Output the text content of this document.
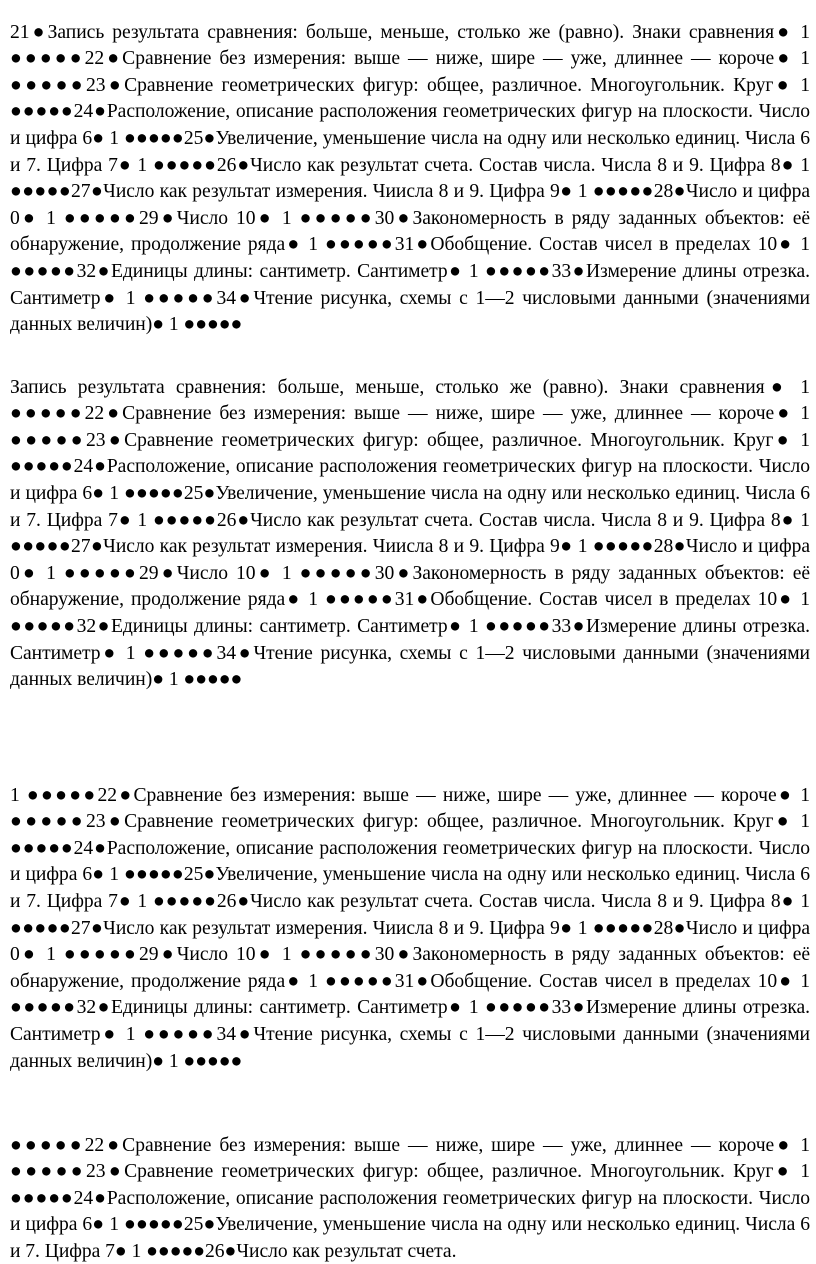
21●Запись результата сравнения: больше, меньше, столько же (равно). Знаки сравнения● 1 ●●●●●22●Сравнение без измерения: выше — ниже, шире — уже, длиннее — короче● 1 ●●●●●23●Сравнение геометрических фигур: общее, различное. Многоугольник. Круг● 1 ●●●●●24●Расположение, описание расположения геометрических фигур на плоскости. Число и цифра 6● 1 ●●●●●25●Увеличение, уменьшение числа на одну или несколько единиц. Числа 6 и 7. Цифра 7● 1 ●●●●●26●Число как результат счета. Состав числа. Числа 8 и 9. Цифра 8● 1 ●●●●●27●Число как результат измерения. Чиисла 8 и 9. Цифра 9● 1 ●●●●●28●Число и цифра 0● 1 ●●●●●29●Число 10● 1 ●●●●●30●Закономерность в ряду заданных объектов: её обнаружение, продолжение ряда● 1 ●●●●●31●Обобщение. Состав чисел в пределах 10● 1 ●●●●●32●Единицы длины: сантиметр. Сантиметр● 1 ●●●●●33●Измерение длины отрезка. Сантиметр● 1 ●●●●●34●Чтение рисунка, схемы с 1—2 числовыми данными (значениями данных величин)● 1 ●●●●●

Запись результата сравнения: больше, меньше, столько же (равно). Знаки сравнения● 1 ●●●●●22●Сравнение без измерения: выше — ниже, шире — уже, длиннее — короче● 1 ●●●●●23●Сравнение геометрических фигур: общее, различное. Многоугольник. Круг● 1 ●●●●●24●Расположение, описание расположения геометрических фигур на плоскости. Число и цифра 6● 1 ●●●●●25●Увеличение, уменьшение числа на одну или несколько единиц. Числа 6 и 7. Цифра 7● 1 ●●●●●26●Число как результат счета. Состав числа. Числа 8 и 9. Цифра 8● 1 ●●●●●27●Число как результат измерения. Чиисла 8 и 9. Цифра 9● 1 ●●●●●28●Число и цифра 0● 1 ●●●●●29●Число 10● 1 ●●●●●30●Закономерность в ряду заданных объектов: её обнаружение, продолжение ряда● 1 ●●●●●31●Обобщение. Состав чисел в пределах 10● 1 ●●●●●32●Единицы длины: сантиметр. Сантиметр● 1 ●●●●●33●Измерение длины отрезка. Сантиметр● 1 ●●●●●34●Чтение рисунка, схемы с 1—2 числовыми данными (значениями данных величин)● 1 ●●●●●

1 ●●●●●22●Сравнение без измерения: выше — ниже, шире — уже, длиннее — короче● 1 ●●●●●23●Сравнение геометрических фигур: общее, различное. Многоугольник. Круг● 1 ●●●●●24●Расположение, описание расположения геометрических фигур на плоскости. Число и цифра 6● 1 ●●●●●25●Увеличение, уменьшение числа на одну или несколько единиц. Числа 6 и 7. Цифра 7● 1 ●●●●●26●Число как результат счета. Состав числа. Числа 8 и 9. Цифра 8● 1 ●●●●●27●Число как результат измерения. Чиисла 8 и 9. Цифра 9● 1 ●●●●●28●Число и цифра 0● 1 ●●●●●29●Число 10● 1 ●●●●●30●Закономерность в ряду заданных объектов: её обнаружение, продолжение ряда● 1 ●●●●●31●Обобщение. Состав чисел в пределах 10● 1 ●●●●●32●Единицы длины: сантиметр. Сантиметр● 1 ●●●●●33●Измерение длины отрезка. Сантиметр● 1 ●●●●●34●Чтение рисунка, схемы с 1—2 числовыми данными (значениями данных величин)● 1 ●●●●●

●●●●●22●Сравнение без измерения: выше — ниже, шире — уже, длиннее — короче● 1 ●●●●●23●Сравнение геометрических фигур: общее, различное. Многоугольник. Круг● 1 ●●●●●24●Расположение, описание расположения геометрических фигур на плоскости. Число и цифра 6● 1 ●●●●●25●Увеличение, уменьшение числа на одну или несколько единиц. Числа 6 и 7. Цифра 7● 1 ●●●●●26●Число как результат счета.
